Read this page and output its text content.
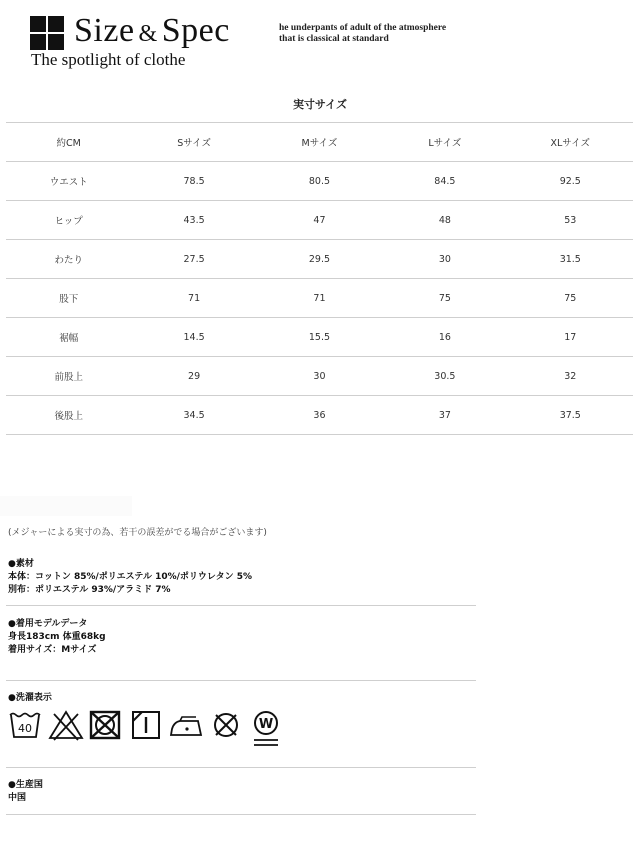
Size & Spec
The spotlight of clothe
he underpants of adult of the atmosphere
that is classical at standard
実寸サイズ
約CM	Sサイズ	Mサイズ	Lサイズ	XLサイズ
ウエスト	78.5	80.5	84.5	92.5
ヒップ	43.5	47	48	53
わたり	27.5	29.5	30	31.5
股下	71	71	75	75
裾幅	14.5	15.5	16	17
前股上	29	30	30.5	32
後股上	34.5	36	37	37.5
(メジャーによる実寸の為、若干の誤差がでる場合がございます)
●素材
本体：コットン 85%/ポリエステル 10%/ポリウレタン 5%
別布：ポリエステル 93%/アラミド 7%
●着用モデルデータ
身長183cm 体重68kg
着用サイズ：Mサイズ
●洗濯表示
40	W
●生産国
中国
